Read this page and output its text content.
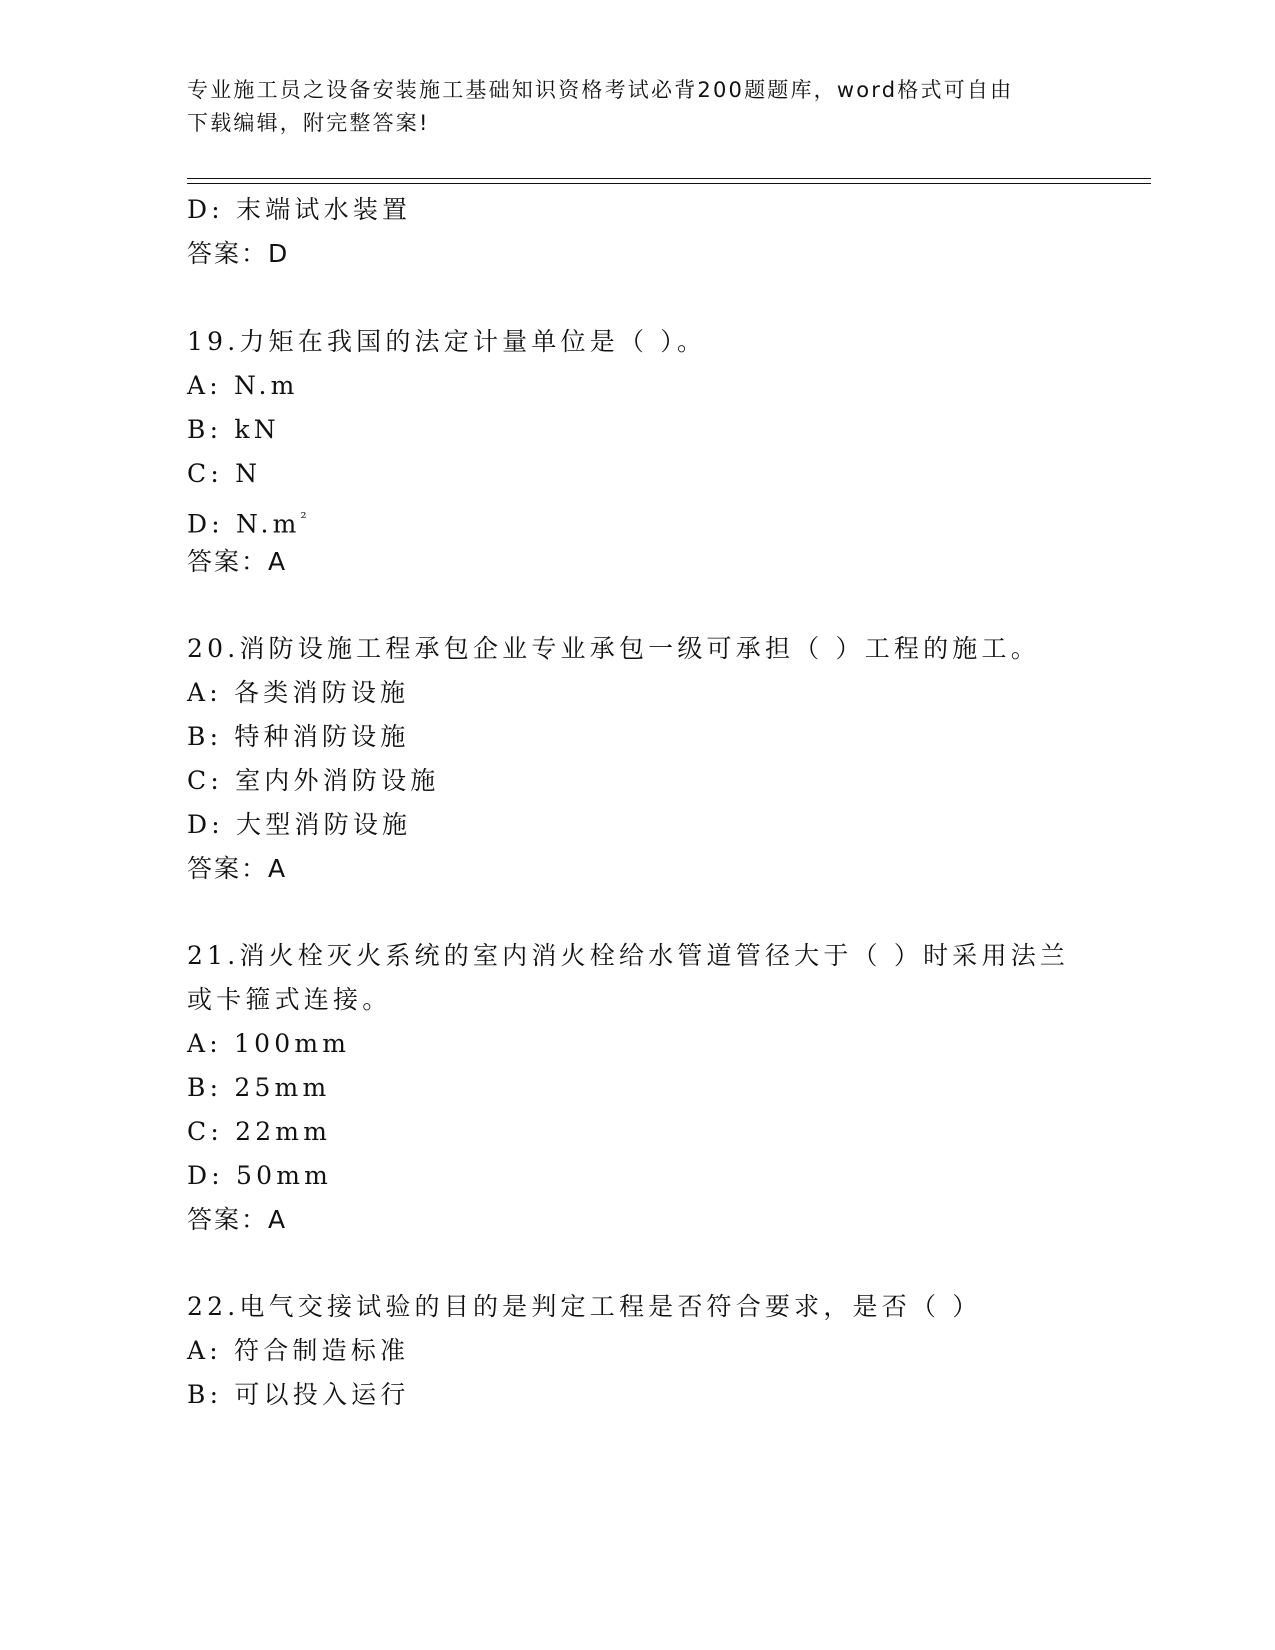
专业施工员之设备安装施工基础知识资格考试必背200题题库，word格式可自由
下载编辑，附完整答案!
D: 末端试水装置
答案：D
19.力矩在我国的法定计量单位是（ ）。
A: N.m
B: kN
C: N
D: $N.m^{^2}$
答案：A
20.消防设施工程承包企业专业承包一级可承担（ ）工程的施工。
A: 各类消防设施
B: 特种消防设施
C: 室内外消防设施
D: 大型消防设施
答案：A
21.消火栓灭火系统的室内消火栓给水管道管径大于（ ）时采用法兰
或卡箍式连接。
A: 100mm
B: 25mm
C: 22mm
D: 50mm
答案：A
22.电气交接试验的目的是判定工程是否符合要求，是否（ ）
A: 符合制造标准
B: 可以投入运行
